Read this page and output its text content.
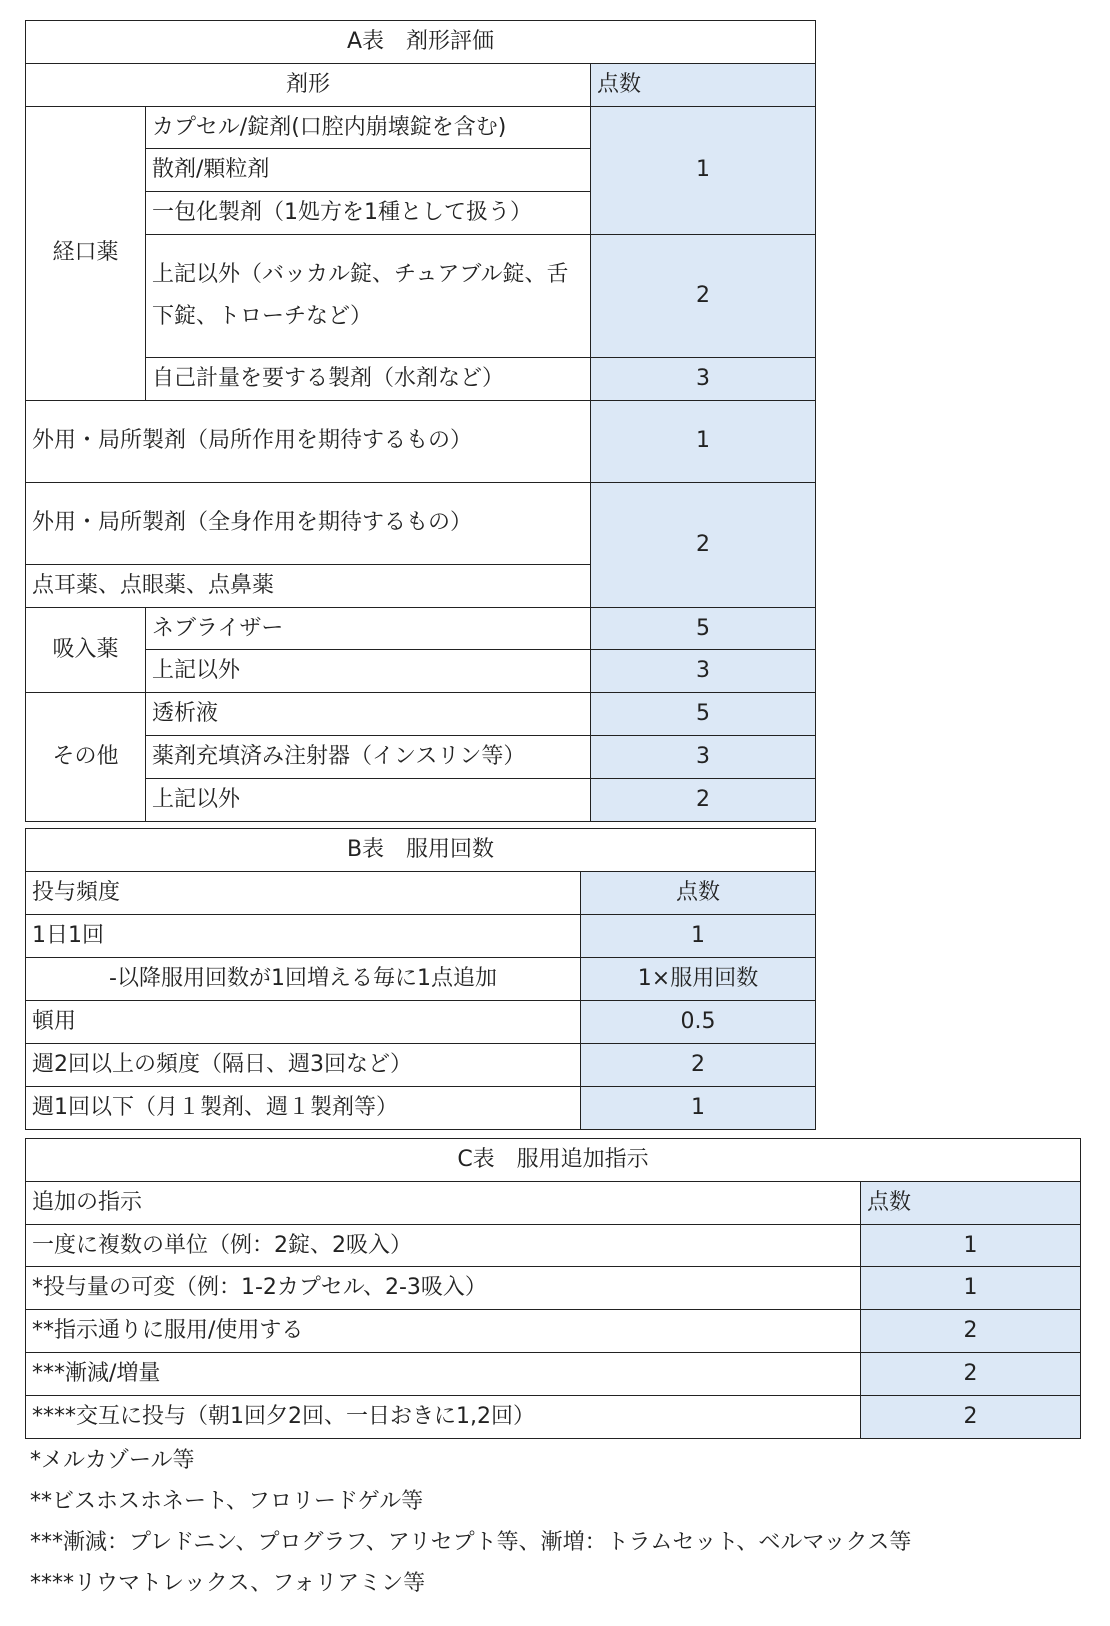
A表　剤形評価		
剤形		点数
経口薬	カプセル/錠剤(口腔内崩壊錠を含む)	1
	散剤/顆粒剤	
	一包化製剤（1処方を1種として扱う）	
	上記以外（バッカル錠、チュアブル錠、舌下錠、トローチなど）	2
	自己計量を要する製剤（水剤など）	3
外用・局所製剤（局所作用を期待するもの）		1
外用・局所製剤（全身作用を期待するもの）		2
点耳薬、点眼薬、点鼻薬		
吸入薬	ネブライザー	5
	上記以外	3
その他	透析液	5
	薬剤充填済み注射器（インスリン等）	3
	上記以外	2
B表　服用回数	
投与頻度	点数
1日1回	1
-以降服用回数が1回増える毎に1点追加	1×服用回数
頓用	0.5
週2回以上の頻度（隔日、週3回など）	2
週1回以下（月１製剤、週１製剤等）	1
C表　服用追加指示	
追加の指示	点数
一度に複数の単位（例：2錠、2吸入）	1
*投与量の可変（例：1-2カプセル、2-3吸入）	1
**指示通りに服用/使用する	2
***漸減/増量	2
****交互に投与（朝1回夕2回、一日おきに1,2回）	2
*メルカゾール等
**ビスホスホネート、フロリードゲル等
***漸減：プレドニン、プログラフ、アリセプト等、漸増：トラムセット、ベルマックス等
****リウマトレックス、フォリアミン等
